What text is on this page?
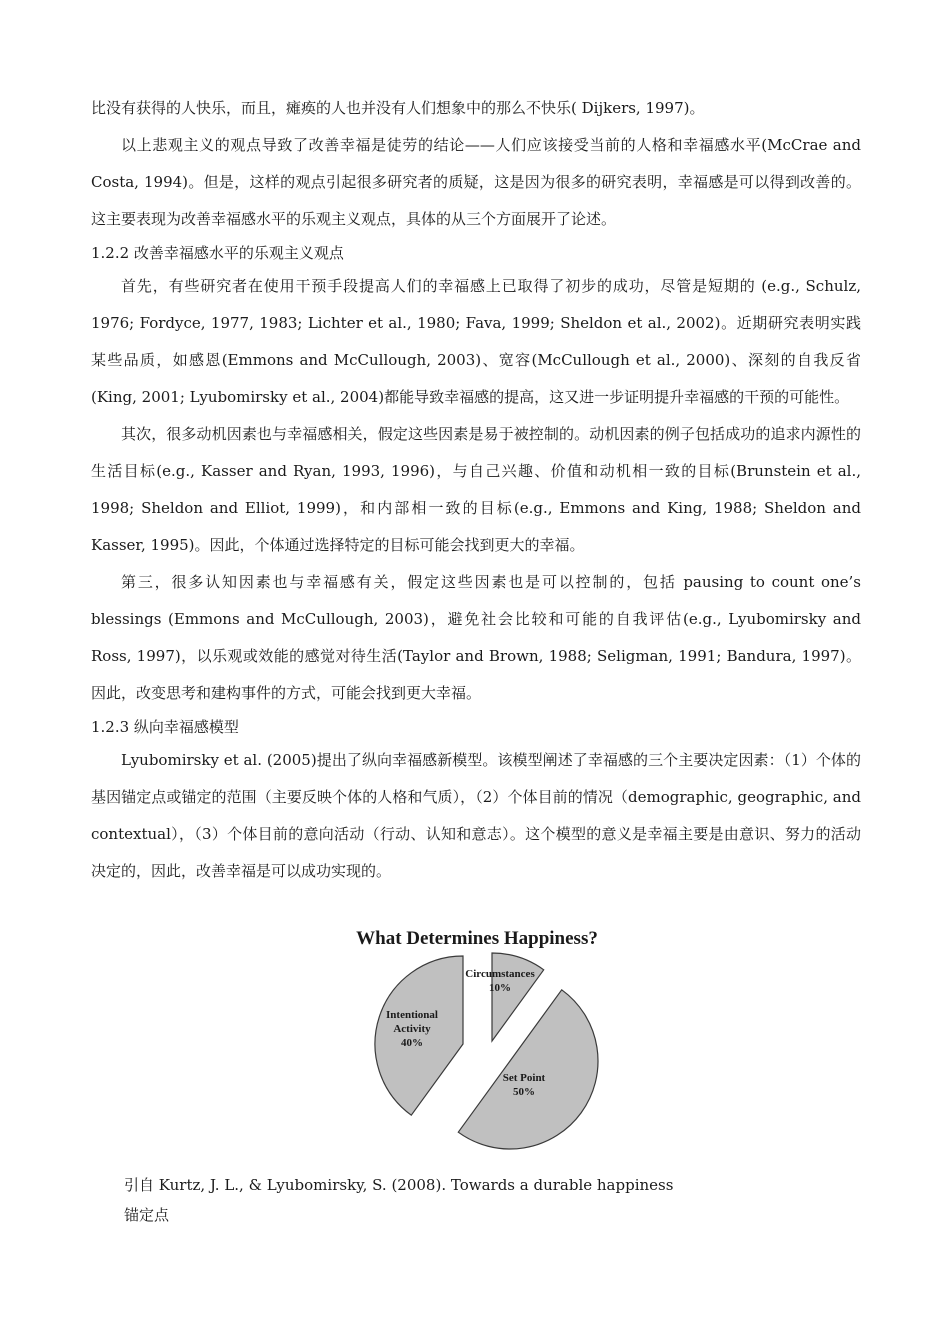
比没有获得的人快乐，而且，瘫痪的人也并没有人们想象中的那么不快乐( Dijkers, 1997)。

以上悲观主义的观点导致了改善幸福是徒劳的结论——人们应该接受当前的人格和幸福感水平(McCrae and Costa, 1994)。但是，这样的观点引起很多研究者的质疑，这是因为很多的研究表明，幸福感是可以得到改善的。这主要表现为改善幸福感水平的乐观主义观点，具体的从三个方面展开了论述。

1.2.2 改善幸福感水平的乐观主义观点

首先，有些研究者在使用干预手段提高人们的幸福感上已取得了初步的成功，尽管是短期的 (e.g., Schulz, 1976; Fordyce, 1977, 1983; Lichter et al., 1980; Fava, 1999; Sheldon et al., 2002)。近期研究表明实践某些品质，如感恩(Emmons and McCullough, 2003)、宽容(McCullough et al., 2000)、深刻的自我反省(King, 2001; Lyubomirsky et al., 2004)都能导致幸福感的提高，这又进一步证明提升幸福感的干预的可能性。

其次，很多动机因素也与幸福感相关，假定这些因素是易于被控制的。动机因素的例子包括成功的追求内源性的生活目标(e.g., Kasser and Ryan, 1993, 1996)，与自己兴趣、价值和动机相一致的目标(Brunstein et al., 1998; Sheldon and Elliot, 1999)，和内部相一致的目标(e.g., Emmons and King, 1988; Sheldon and Kasser, 1995)。因此，个体通过选择特定的目标可能会找到更大的幸福。

第三，很多认知因素也与幸福感有关，假定这些因素也是可以控制的，包括 pausing to count one’s blessings (Emmons and McCullough, 2003)，避免社会比较和可能的自我评估(e.g., Lyubomirsky and Ross, 1997)，以乐观或效能的感觉对待生活(Taylor and Brown, 1988; Seligman, 1991; Bandura, 1997)。因此，改变思考和建构事件的方式，可能会找到更大幸福。

1.2.3 纵向幸福感模型

Lyubomirsky et al. (2005)提出了纵向幸福感新模型。该模型阐述了幸福感的三个主要决定因素：（1）个体的基因锚定点或锚定的范围（主要反映个体的人格和气质），（2）个体目前的情况（demographic, geographic, and contextual），（3）个体目前的意向活动（行动、认知和意志）。这个模型的意义是幸福主要是由意识、努力的活动决定的，因此，改善幸福是可以成功实现的。

What Determines Happiness?
Circumstances
10%
Set Point
50%
Intentional
Activity
40%
引自 Kurtz, J. L., & Lyubomirsky, S. (2008). Towards a durable happiness
锚定点
